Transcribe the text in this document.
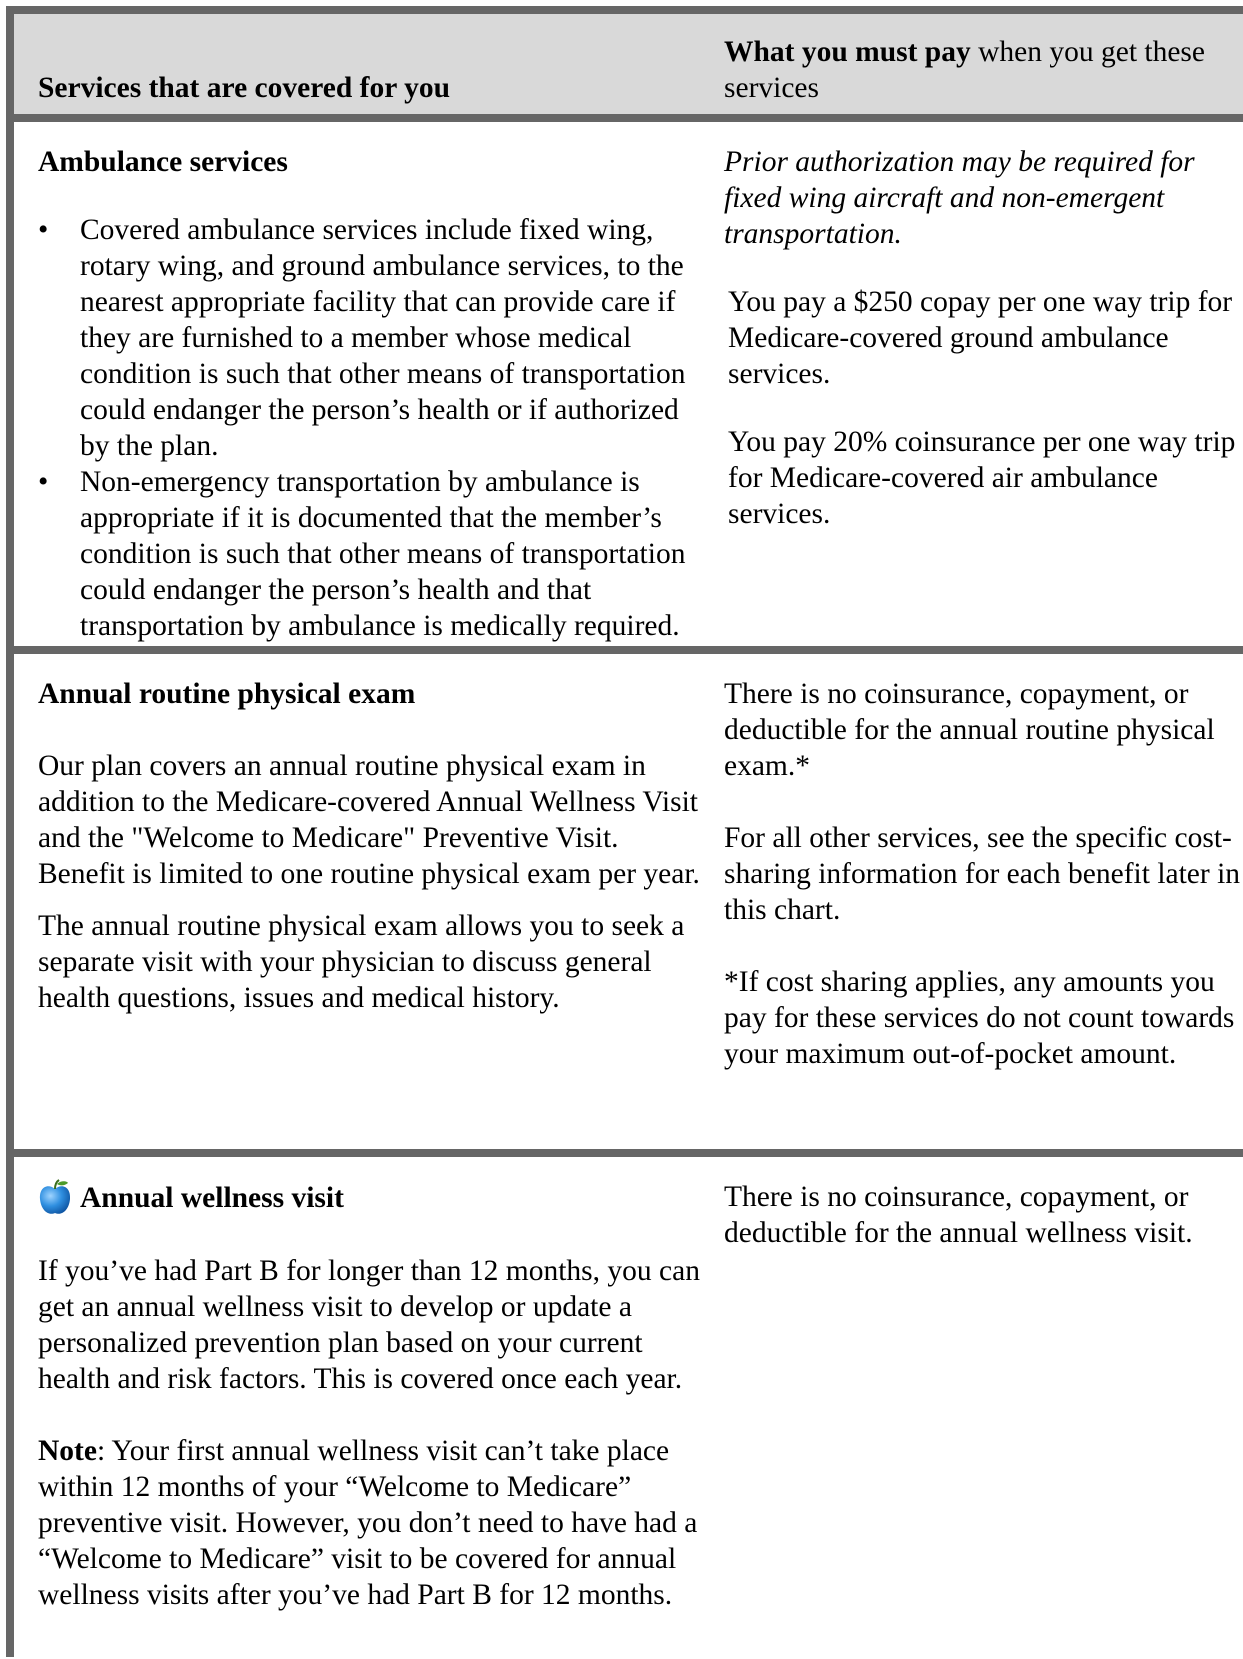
Services that are covered for you
What you must pay when you get these services

Ambulance services

• Covered ambulance services include fixed wing, rotary wing, and ground ambulance services, to the nearest appropriate facility that can provide care if they are furnished to a member whose medical condition is such that other means of transportation could endanger the person’s health or if authorized by the plan.
• Non-emergency transportation by ambulance is appropriate if it is documented that the member’s condition is such that other means of transportation could endanger the person’s health and that transportation by ambulance is medically required.

Prior authorization may be required for fixed wing aircraft and non-emergent transportation.

You pay a $250 copay per one way trip for Medicare-covered ground ambulance services.

You pay 20% coinsurance per one way trip for Medicare-covered air ambulance services.

Annual routine physical exam

Our plan covers an annual routine physical exam in addition to the Medicare-covered Annual Wellness Visit and the "Welcome to Medicare" Preventive Visit. Benefit is limited to one routine physical exam per year.

The annual routine physical exam allows you to seek a separate visit with your physician to discuss general health questions, issues and medical history.

There is no coinsurance, copayment, or deductible for the annual routine physical exam.*

For all other services, see the specific cost-sharing information for each benefit later in this chart.

*If cost sharing applies, any amounts you pay for these services do not count towards your maximum out-of-pocket amount.

Annual wellness visit

If you’ve had Part B for longer than 12 months, you can get an annual wellness visit to develop or update a personalized prevention plan based on your current health and risk factors. This is covered once each year.

Note: Your first annual wellness visit can’t take place within 12 months of your “Welcome to Medicare” preventive visit. However, you don’t need to have had a “Welcome to Medicare” visit to be covered for annual wellness visits after you’ve had Part B for 12 months.

There is no coinsurance, copayment, or deductible for the annual wellness visit.
